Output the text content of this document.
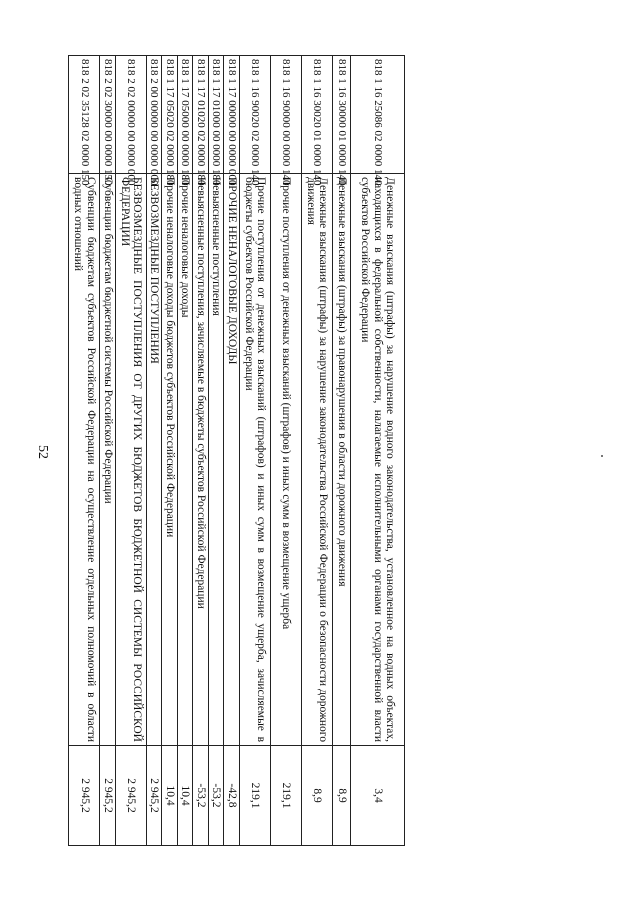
52
818 1 16 25086 02 0000 140	Денежные взыскания (штрафы) за нарушение водного законодательства, установленное на водных объектах, находящихся в федеральной собственности, налагаемые исполнительными органами государственной власти субъектов Российской Федерации	3,4
818 1 16 30000 01 0000 140	Денежные взыскания (штрафы) за правонарушения в области дорожного движения	8,9
818 1 16 30020 01 0000 140	Денежные взыскания (штрафы) за нарушение законодательства Российской Федерации о безопасности дорожного движения	8,9
818 1 16 90000 00 0000 140	Прочие поступления от денежных взысканий (штрафов) и иных сумм в возмещение ущерба	219,1
818 1 16 90020 02 0000 140	Прочие поступления от денежных взысканий (штрафов) и иных сумм в возмещение ущерба, зачисляемые в бюджеты субъектов Российской Федерации	219,1
818 1 17 00000 00 0000 000	ПРОЧИЕ НЕНАЛОГОВЫЕ ДОХОДЫ	-42,8
818 1 17 01000 00 0000 180	Невыясненные поступления	-53,2
818 1 17 01020 02 0000 180	Невыясненные поступления, зачисляемые в бюджеты субъектов Российской Федерации	-53,2
818 1 17 05000 00 0000 180	Прочие неналоговые доходы	10,4
818 1 17 05020 02 0000 180	Прочие неналоговые доходы бюджетов субъектов Российской Федерации	10,4
818 2 00 00000 00 0000 000	БЕЗВОЗМЕЗДНЫЕ ПОСТУПЛЕНИЯ	2 945,2
818 2 02 00000 00 0000 000	БЕЗВОЗМЕЗДНЫЕ ПОСТУПЛЕНИЯ ОТ ДРУГИХ БЮДЖЕТОВ БЮДЖЕТНОЙ СИСТЕМЫ РОССИЙСКОЙ ФЕДЕРАЦИИ	2 945,2
818 2 02 30000 00 0000 150	Субвенции бюджетам бюджетной системы Российской Федерации	2 945,2
818 2 02 35128 02 0000 150	Субвенции бюджетам субъектов Российской Федерации на осуществление отдельных полномочий в области водных отношений	2 945,2
